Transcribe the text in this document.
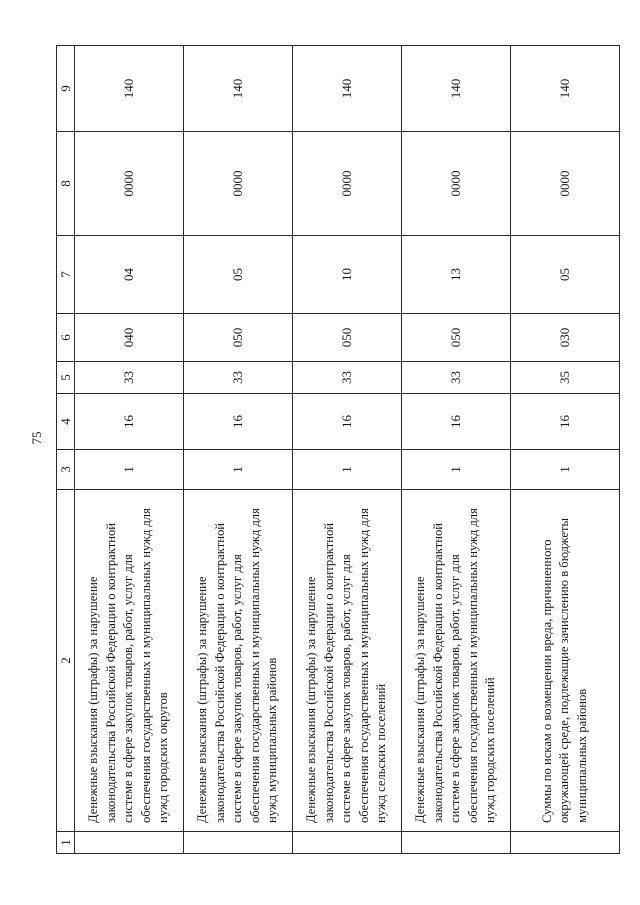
75
1	2	3	4	5	6	7	8	9
	Денежные взыскания (штрафы) за нарушение законодательства Российской Федерации о контрактной системе в сфере закупок товаров, работ, услуг для обеспечения государственных и муниципальных нужд для нужд городских округов	1	16	33	040	04	0000	140
	Денежные взыскания (штрафы) за нарушение законодательства Российской Федерации о контрактной системе в сфере закупок товаров, работ, услуг для обеспечения государственных и муниципальных нужд для нужд муниципальных районов	1	16	33	050	05	0000	140
	Денежные взыскания (штрафы) за нарушение законодательства Российской Федерации о контрактной системе в сфере закупок товаров, работ, услуг для обеспечения государственных и муниципальных нужд для нужд сельских поселений	1	16	33	050	10	0000	140
	Денежные взыскания (штрафы) за нарушение законодательства Российской Федерации о контрактной системе в сфере закупок товаров, работ, услуг для обеспечения государственных и муниципальных нужд для нужд городских поселений	1	16	33	050	13	0000	140
	Суммы по искам о возмещении вреда, причиненного окружающей среде, подлежащие зачислению в бюджеты муниципальных районов	1	16	35	030	05	0000	140
